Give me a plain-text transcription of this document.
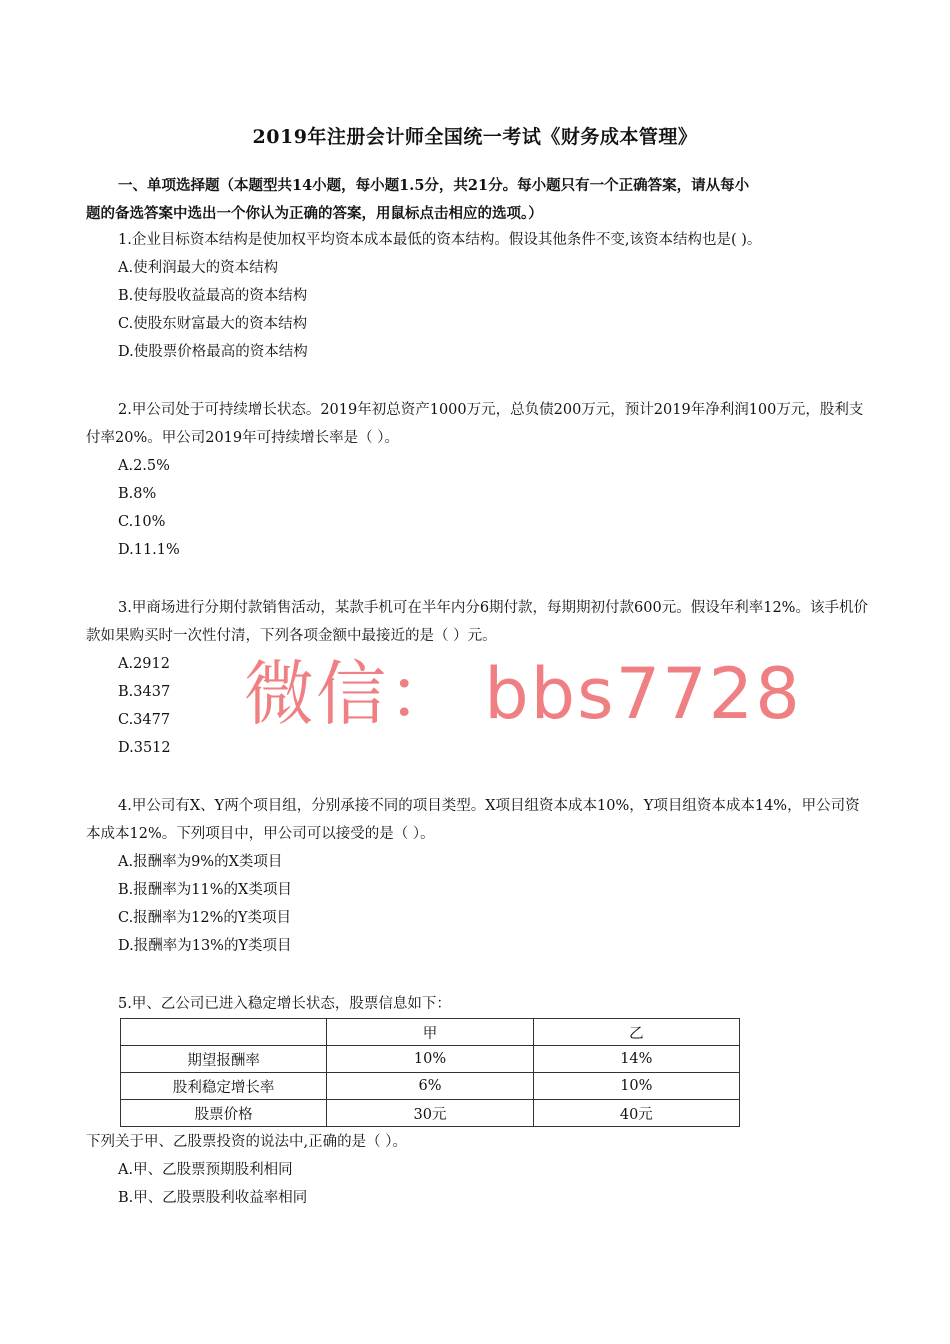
2019年注册会计师全国统一考试《财务成本管理》
一、单项选择题（本题型共14小题，每小题1.5分，共21分。每小题只有一个正确答案，请从每小
题的备选答案中选出一个你认为正确的答案，用鼠标点击相应的选项。）
1.企业目标资本结构是使加权平均资本成本最低的资本结构。假设其他条件不变,该资本结构也是( )。
A.使利润最大的资本结构
B.使每股收益最高的资本结构
C.使股东财富最大的资本结构
D.使股票价格最高的资本结构
2.甲公司处于可持续增长状态。2019年初总资产1000万元，总负债200万元，预计2019年净利润100万元，股利支付率20%。甲公司2019年可持续增长率是（ ）。
A.2.5%
B.8%
C.10%
D.11.1%
3.甲商场进行分期付款销售活动，某款手机可在半年内分6期付款，每期期初付款600元。假设年利率12%。该手机价款如果购买时一次性付清，下列各项金额中最接近的是（ ）元。
A.2912
B.3437
C.3477
D.3512
微信： bbs7728
4.甲公司有X、Y两个项目组，分别承接不同的项目类型。X项目组资本成本10%，Y项目组资本成本14%，甲公司资本成本12%。下列项目中，甲公司可以接受的是（ ）。
A.报酬率为9%的X类项目
B.报酬率为11%的X类项目
C.报酬率为12%的Y类项目
D.报酬率为13%的Y类项目
5.甲、乙公司已进入稳定增长状态，股票信息如下：
	甲	乙
期望报酬率	10%	14%
股利稳定增长率	6%	10%
股票价格	30元	40元
下列关于甲、乙股票投资的说法中,正确的是（ ）。
A.甲、乙股票预期股利相同
B.甲、乙股票股利收益率相同
